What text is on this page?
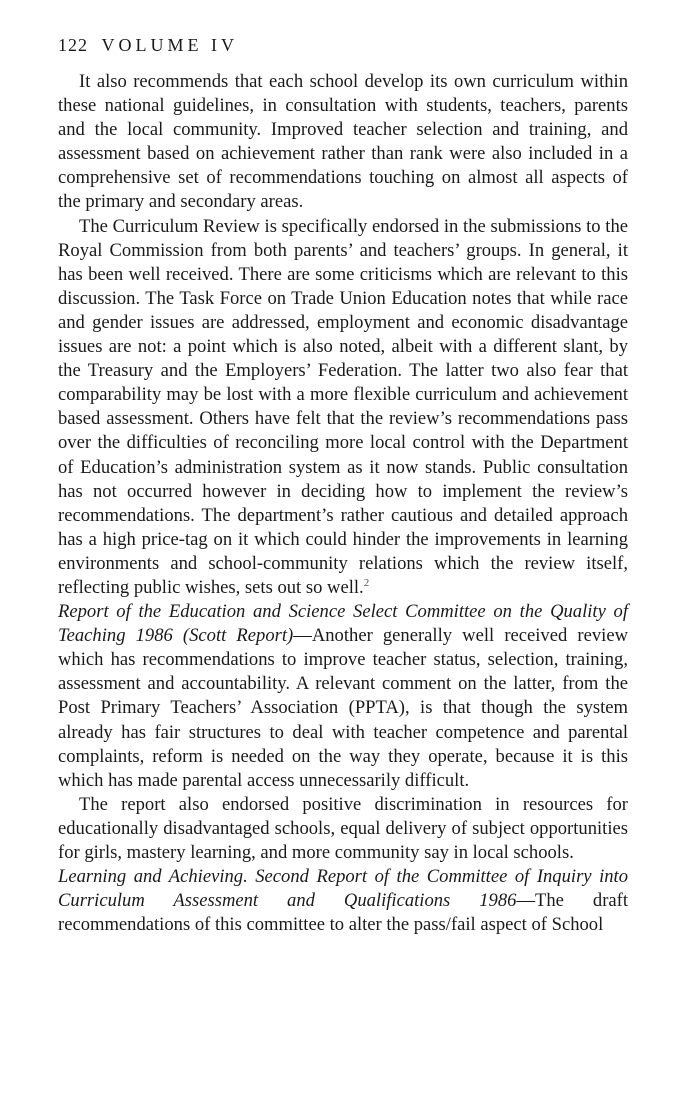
122 VOLUME IV

It also recommends that each school develop its own curriculum within these national guidelines, in consultation with students, teachers, parents and the local community. Improved teacher selection and training, and assessment based on achievement rather than rank were also included in a comprehensive set of recommendations touching on almost all aspects of the primary and secondary areas.

The Curriculum Review is specifically endorsed in the submissions to the Royal Commission from both parents’ and teachers’ groups. In general, it has been well received. There are some criticisms which are relevant to this discussion. The Task Force on Trade Union Education notes that while race and gender issues are addressed, employment and economic disadvantage issues are not: a point which is also noted, albeit with a different slant, by the Treasury and the Employers’ Federation. The latter two also fear that comparability may be lost with a more flexible curriculum and achievement based assessment. Others have felt that the review’s recommendations pass over the difficulties of reconciling more local control with the Department of Education’s administration system as it now stands. Public consultation has not occurred however in deciding how to implement the review’s recommendations. The department’s rather cautious and detailed approach has a high price-tag on it which could hinder the improvements in learning environments and school-community relations which the review itself, reflecting public wishes, sets out so well.$^2$

Report of the Education and Science Select Committee on the Quality of Teaching 1986 (Scott Report)—Another generally well received review which has recommendations to improve teacher status, selection, training, assessment and accountability. A relevant comment on the latter, from the Post Primary Teachers’ Association (PPTA), is that though the system already has fair structures to deal with teacher competence and parental complaints, reform is needed on the way they operate, because it is this which has made parental access unnecessarily difficult.

The report also endorsed positive discrimination in resources for educationally disadvantaged schools, equal delivery of subject opportunities for girls, mastery learning, and more community say in local schools.

Learning and Achieving. Second Report of the Committee of Inquiry into Curriculum Assessment and Qualifications 1986—The draft recommendations of this committee to alter the pass/fail aspect of School
